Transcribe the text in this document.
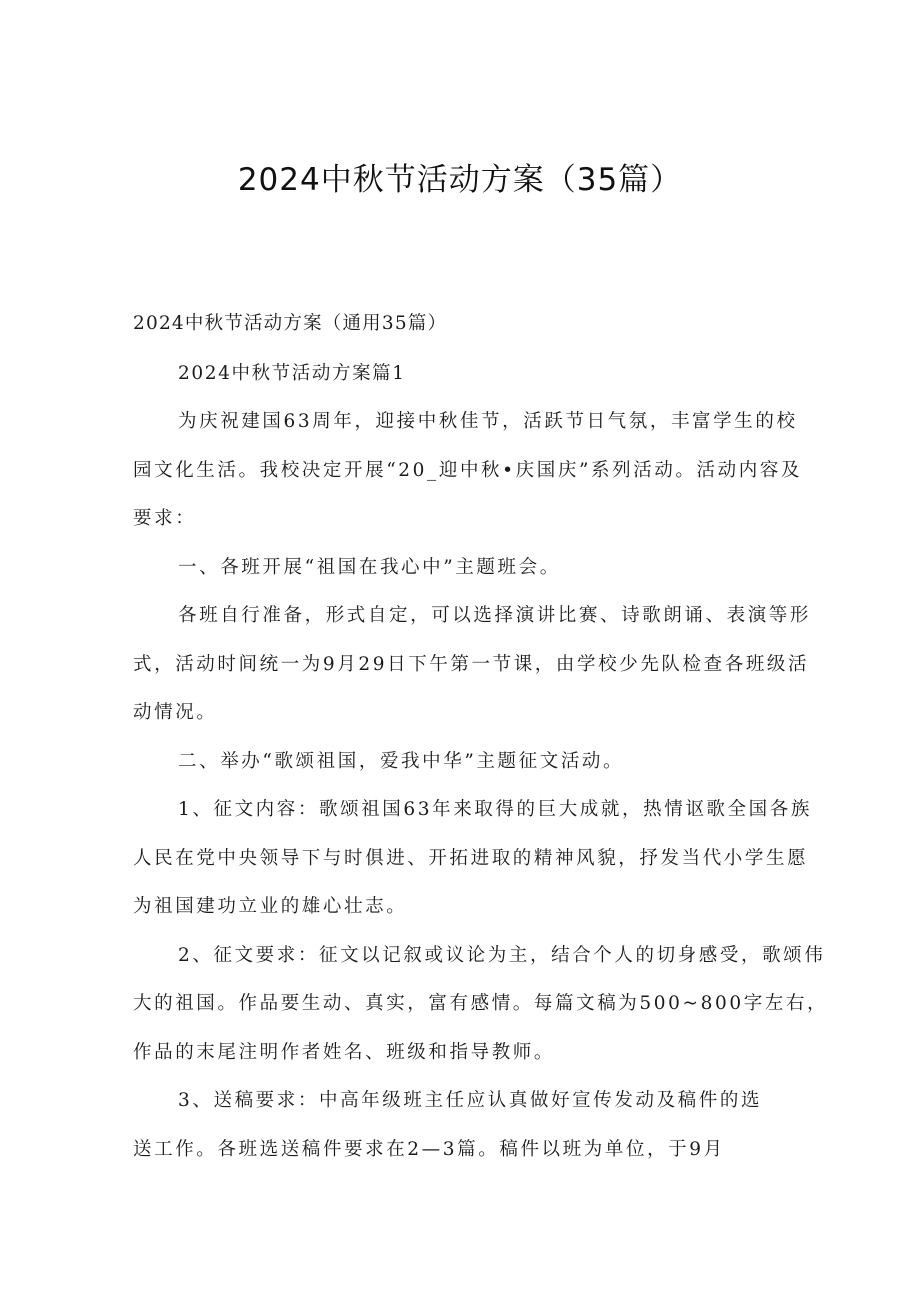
2024中秋节活动方案（35篇）

2024中秋节活动方案（通用35篇）

2024中秋节活动方案篇1

为庆祝建国63周年，迎接中秋佳节，活跃节日气氛，丰富学生的校

园文化生活。我校决定开展“20_迎中秋•庆国庆”系列活动。活动内容及

要求：

一、各班开展“祖国在我心中”主题班会。

各班自行准备，形式自定，可以选择演讲比赛、诗歌朗诵、表演等形

式，活动时间统一为9月29日下午第一节课，由学校少先队检查各班级活

动情况。

二、举办“歌颂祖国，爱我中华”主题征文活动。

1、征文内容：歌颂祖国63年来取得的巨大成就，热情讴歌全国各族

人民在党中央领导下与时俱进、开拓进取的精神风貌，抒发当代小学生愿

为祖国建功立业的雄心壮志。

2、征文要求：征文以记叙或议论为主，结合个人的切身感受，歌颂伟

大的祖国。作品要生动、真实，富有感情。每篇文稿为500~800字左右，

作品的末尾注明作者姓名、班级和指导教师。

3、送稿要求：中高年级班主任应认真做好宣传发动及稿件的选

送工作。各班选送稿件要求在2—3篇。稿件以班为单位，于9月
